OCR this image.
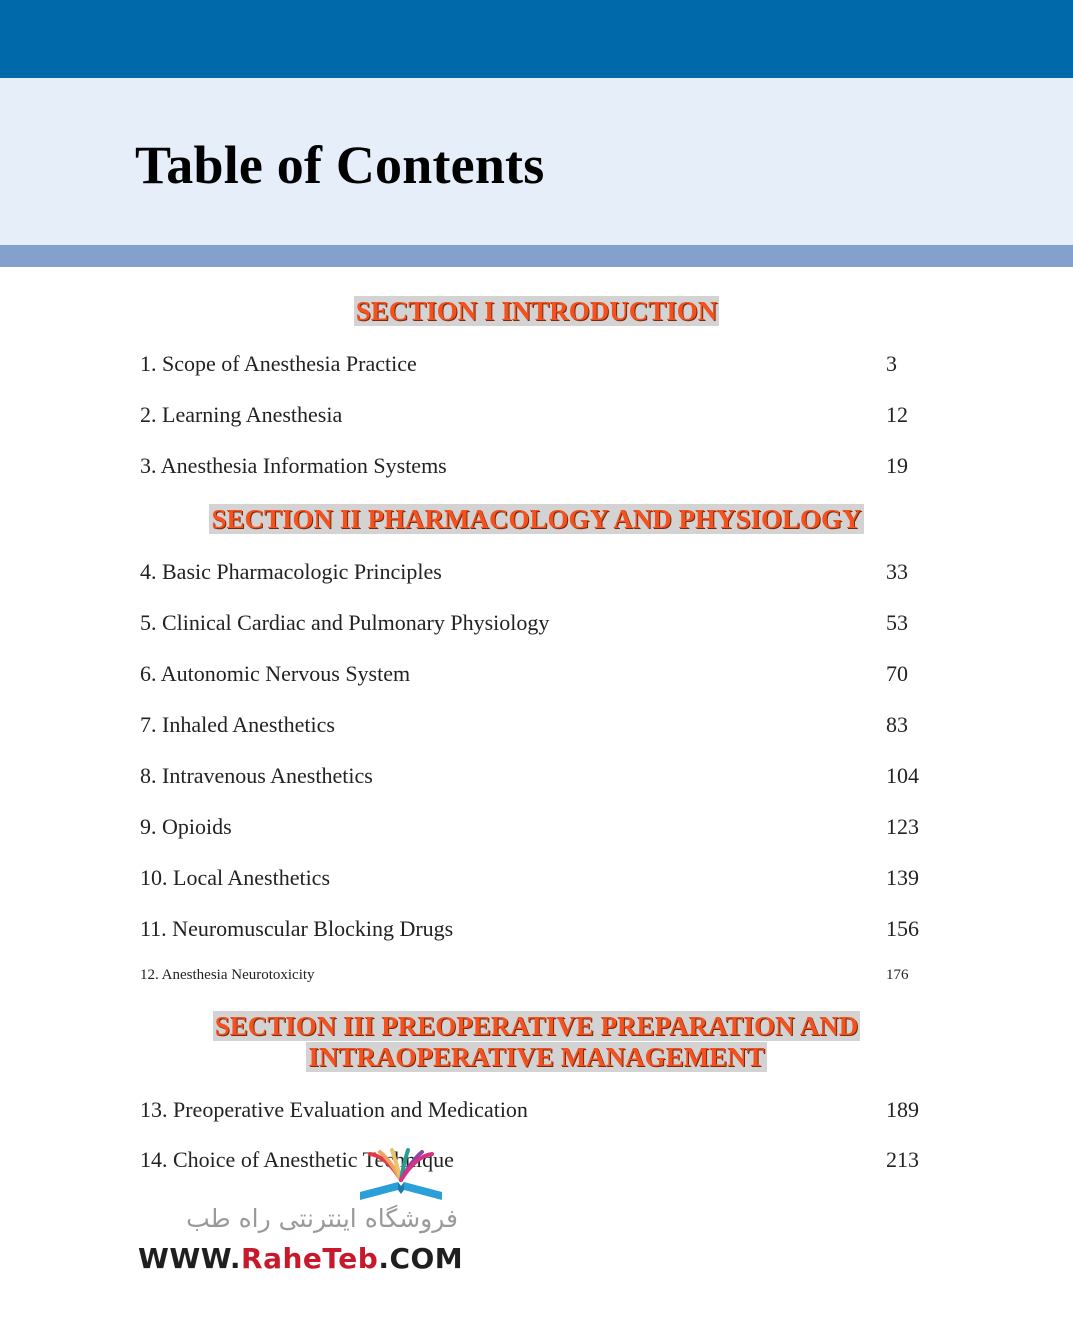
Table of Contents
SECTION I INTRODUCTION
1. Scope of Anesthesia Practice	3
2. Learning Anesthesia	12
3. Anesthesia Information Systems	19
SECTION II PHARMACOLOGY AND PHYSIOLOGY
4. Basic Pharmacologic Principles	33
5. Clinical Cardiac and Pulmonary Physiology	53
6. Autonomic Nervous System	70
7. Inhaled Anesthetics	83
8. Intravenous Anesthetics	104
9. Opioids	123
10. Local Anesthetics	139
11. Neuromuscular Blocking Drugs	156
12. Anesthesia Neurotoxicity	176
SECTION III PREOPERATIVE PREPARATION AND
INTRAOPERATIVE MANAGEMENT
13. Preoperative Evaluation and Medication	189
14. Choice of Anesthetic Technique	213
فروشگاه اینترنتی راه طب
WWW.RaheTeb.COM
